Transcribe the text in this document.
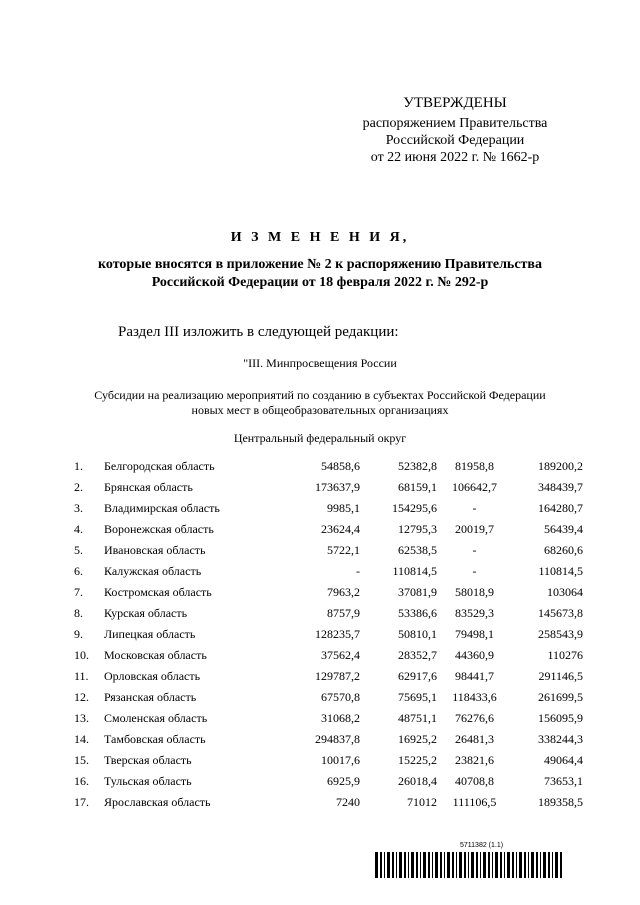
УТВЕРЖДЕНЫ
распоряжением Правительства
Российской Федерации
от 22 июня 2022 г. № 1662-р
И З М Е Н Е Н И Я,
которые вносятся в приложение № 2 к распоряжению Правительства
Российской Федерации от 18 февраля 2022 г. № 292-р
Раздел III изложить в следующей редакции:
"III. Минпросвещения России
Субсидии на реализацию мероприятий по созданию в субъектах Российской Федерации
новых мест в общеобразовательных организациях
Центральный федеральный округ
1.	Белгородская область	54858,6	52382,8	81958,8	189200,2
2.	Брянская область	173637,9	68159,1	106642,7	348439,7
3.	Владимирская область	9985,1	154295,6	-	164280,7
4.	Воронежская область	23624,4	12795,3	20019,7	56439,4
5.	Ивановская область	5722,1	62538,5	-	68260,6
6.	Калужская область	-	110814,5	-	110814,5
7.	Костромская область	7963,2	37081,9	58018,9	103064
8.	Курская область	8757,9	53386,6	83529,3	145673,8
9.	Липецкая область	128235,7	50810,1	79498,1	258543,9
10.	Московская область	37562,4	28352,7	44360,9	110276
11.	Орловская область	129787,2	62917,6	98441,7	291146,5
12.	Рязанская область	67570,8	75695,1	118433,6	261699,5
13.	Смоленская область	31068,2	48751,1	76276,6	156095,9
14.	Тамбовская область	294837,8	16925,2	26481,3	338244,3
15.	Тверская область	10017,6	15225,2	23821,6	49064,4
16.	Тульская область	6925,9	26018,4	40708,8	73653,1
17.	Ярославская область	7240	71012	111106,5	189358,5
5711382 (1.1)
